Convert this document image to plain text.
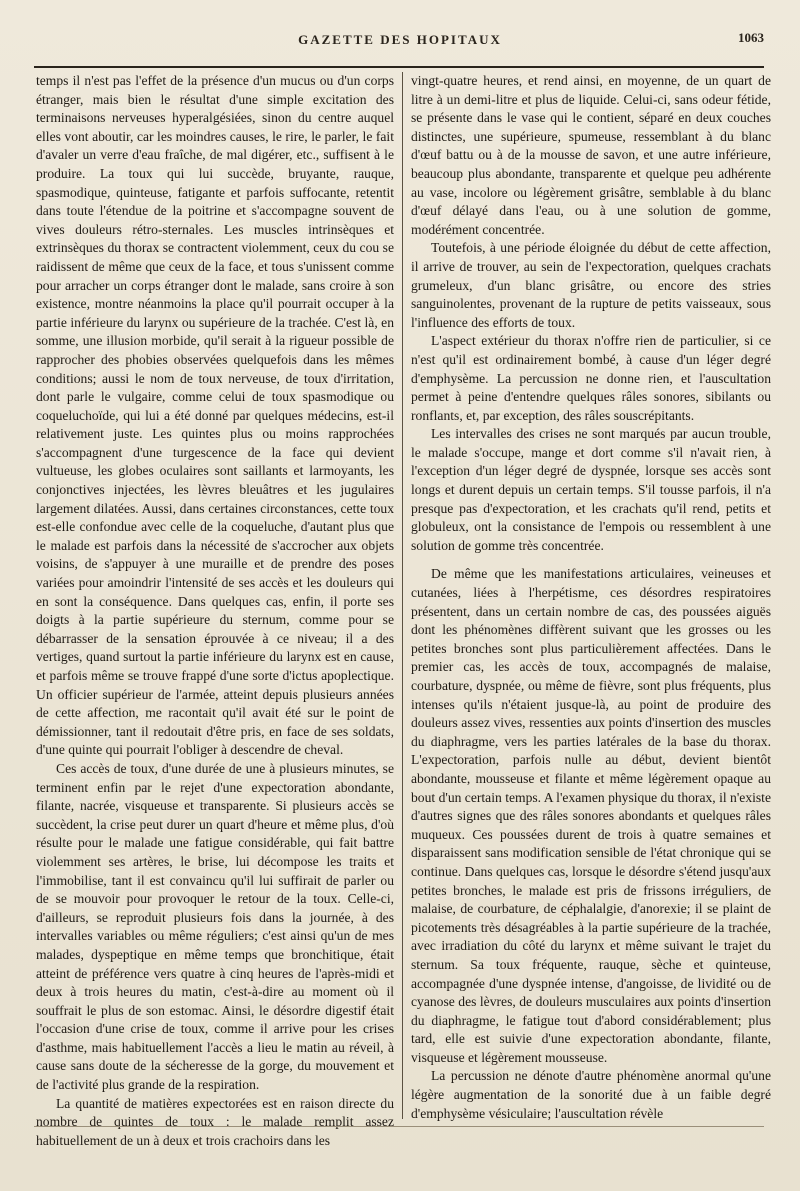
GAZETTE DES HOPITAUX	1063

temps il n'est pas l'effet de la présence d'un mucus ou d'un corps étranger, mais bien le résultat d'une simple excitation des terminaisons nerveuses hyperalgésiées, sinon du centre auquel elles vont aboutir, car les moindres causes, le rire, le parler, le fait d'avaler un verre d'eau fraîche, de mal digérer, etc., suffisent à le produire. La toux qui lui succède, bruyante, rauque, spasmodique, quinteuse, fatigante et parfois suffocante, retentit dans toute l'étendue de la poitrine et s'accompagne souvent de vives douleurs rétro-sternales. Les muscles intrinsèques et extrinsèques du thorax se contractent violemment, ceux du cou se raidissent de même que ceux de la face, et tous s'unissent comme pour arracher un corps étranger dont le malade, sans croire à son existence, montre néanmoins la place qu'il pourrait occuper à la partie inférieure du larynx ou supérieure de la trachée. C'est là, en somme, une illusion morbide, qu'il serait à la rigueur possible de rapprocher des phobies observées quelquefois dans les mêmes conditions; aussi le nom de toux nerveuse, de toux d'irritation, dont parle le vulgaire, comme celui de toux spasmodique ou coqueluchoïde, qui lui a été donné par quelques médecins, est-il relativement juste. Les quintes plus ou moins rapprochées s'accompagnent d'une turgescence de la face qui devient vultueuse, les globes oculaires sont saillants et larmoyants, les conjonctives injectées, les lèvres bleuâtres et les jugulaires largement dilatées. Aussi, dans certaines circonstances, cette toux est-elle confondue avec celle de la coqueluche, d'autant plus que le malade est parfois dans la nécessité de s'accrocher aux objets voisins, de s'appuyer à une muraille et de prendre des poses variées pour amoindrir l'intensité de ses accès et les douleurs qui en sont la conséquence. Dans quelques cas, enfin, il porte ses doigts à la partie supérieure du sternum, comme pour se débarrasser de la sensation éprouvée à ce niveau; il a des vertiges, quand surtout la partie inférieure du larynx est en cause, et parfois même se trouve frappé d'une sorte d'ictus apoplectique. Un officier supérieur de l'armée, atteint depuis plusieurs années de cette affection, me racontait qu'il avait été sur le point de démissionner, tant il redoutait d'être pris, en face de ses soldats, d'une quinte qui pourrait l'obliger à descendre de cheval.

Ces accès de toux, d'une durée de une à plusieurs minutes, se terminent enfin par le rejet d'une expectoration abondante, filante, nacrée, visqueuse et transparente. Si plusieurs accès se succèdent, la crise peut durer un quart d'heure et même plus, d'où résulte pour le malade une fatigue considérable, qui fait battre violemment ses artères, le brise, lui décompose les traits et l'immobilise, tant il est convaincu qu'il lui suffirait de parler ou de se mouvoir pour provoquer le retour de la toux. Celle-ci, d'ailleurs, se reproduit plusieurs fois dans la journée, à des intervalles variables ou même réguliers; c'est ainsi qu'un de mes malades, dyspeptique en même temps que bronchitique, était atteint de préférence vers quatre à cinq heures de l'après-midi et deux à trois heures du matin, c'est-à-dire au moment où il souffrait le plus de son estomac. Ainsi, le désordre digestif était l'occasion d'une crise de toux, comme il arrive pour les crises d'asthme, mais habituellement l'accès a lieu le matin au réveil, à cause sans doute de la sécheresse de la gorge, du mouvement et de l'activité plus grande de la respiration.

La quantité de matières expectorées est en raison directe du nombre de quintes de toux : le malade remplit assez habituellement de un à deux et trois crachoirs dans les

vingt-quatre heures, et rend ainsi, en moyenne, de un quart de litre à un demi-litre et plus de liquide. Celui-ci, sans odeur fétide, se présente dans le vase qui le contient, séparé en deux couches distinctes, une supérieure, spumeuse, ressemblant à du blanc d'œuf battu ou à de la mousse de savon, et une autre inférieure, beaucoup plus abondante, transparente et quelque peu adhérente au vase, incolore ou légèrement grisâtre, semblable à du blanc d'œuf délayé dans l'eau, ou à une solution de gomme, modérément concentrée.

Toutefois, à une période éloignée du début de cette affection, il arrive de trouver, au sein de l'expectoration, quelques crachats grumeleux, d'un blanc grisâtre, ou encore des stries sanguinolentes, provenant de la rupture de petits vaisseaux, sous l'influence des efforts de toux.

L'aspect extérieur du thorax n'offre rien de particulier, si ce n'est qu'il est ordinairement bombé, à cause d'un léger degré d'emphysème. La percussion ne donne rien, et l'auscultation permet à peine d'entendre quelques râles sonores, sibilants ou ronflants, et, par exception, des râles souscrépitants.

Les intervalles des crises ne sont marqués par aucun trouble, le malade s'occupe, mange et dort comme s'il n'avait rien, à l'exception d'un léger degré de dyspnée, lorsque ses accès sont longs et durent depuis un certain temps. S'il tousse parfois, il n'a presque pas d'expectoration, et les crachats qu'il rend, petits et globuleux, ont la consistance de l'empois ou ressemblent à une solution de gomme très concentrée.

De même que les manifestations articulaires, veineuses et cutanées, liées à l'herpétisme, ces désordres respiratoires présentent, dans un certain nombre de cas, des poussées aiguës dont les phénomènes diffèrent suivant que les grosses ou les petites bronches sont plus particulièrement affectées. Dans le premier cas, les accès de toux, accompagnés de malaise, courbature, dyspnée, ou même de fièvre, sont plus fréquents, plus intenses qu'ils n'étaient jusque-là, au point de produire des douleurs assez vives, ressenties aux points d'insertion des muscles du diaphragme, vers les parties latérales de la base du thorax. L'expectoration, parfois nulle au début, devient bientôt abondante, mousseuse et filante et même légèrement opaque au bout d'un certain temps. A l'examen physique du thorax, il n'existe d'autres signes que des râles sonores abondants et quelques râles muqueux. Ces poussées durent de trois à quatre semaines et disparaissent sans modification sensible de l'état chronique qui se continue. Dans quelques cas, lorsque le désordre s'étend jusqu'aux petites bronches, le malade est pris de frissons irréguliers, de malaise, de courbature, de céphalalgie, d'anorexie; il se plaint de picotements très désagréables à la partie supérieure de la trachée, avec irradiation du côté du larynx et même suivant le trajet du sternum. Sa toux fréquente, rauque, sèche et quinteuse, accompagnée d'une dyspnée intense, d'angoisse, de lividité ou de cyanose des lèvres, de douleurs musculaires aux points d'insertion du diaphragme, le fatigue tout d'abord considérablement; plus tard, elle est suivie d'une expectoration abondante, filante, visqueuse et légèrement mousseuse.

La percussion ne dénote d'autre phénomène anormal qu'une légère augmentation de la sonorité due à un faible degré d'emphysème vésiculaire; l'auscultation révèle
